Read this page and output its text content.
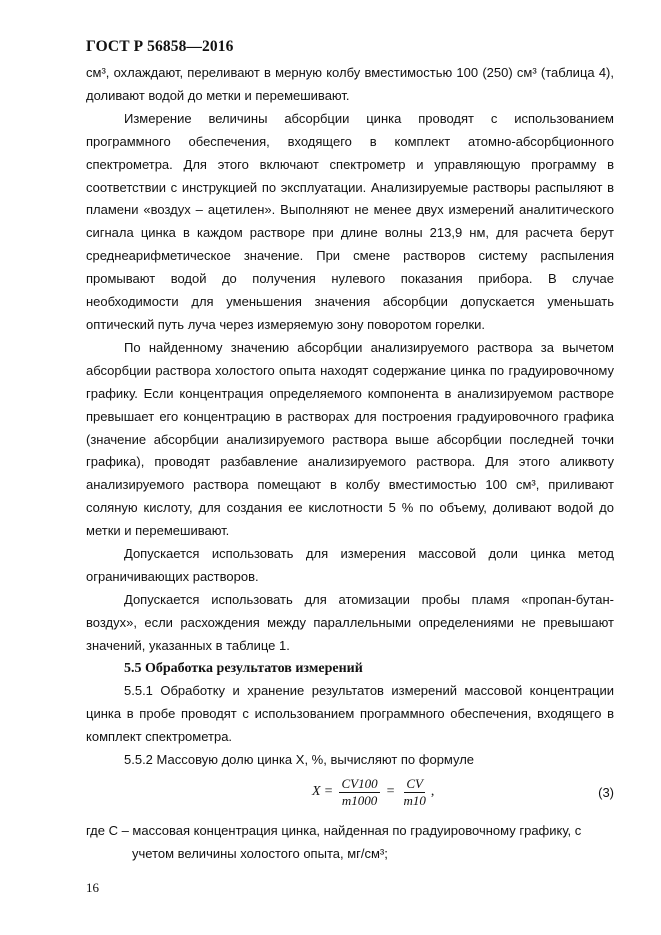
ГОСТ Р 56858—2016

см³, охлаждают, переливают в мерную колбу вместимостью 100 (250) см³ (таблица 4), доливают водой до метки и перемешивают.

Измерение величины абсорбции цинка проводят с использованием программного обеспечения, входящего в комплект атомно-абсорбционного спектрометра. Для этого включают спектрометр и управляющую программу в соответствии с инструкцией по эксплуатации. Анализируемые растворы распыляют в пламени «воздух – ацетилен». Выполняют не менее двух измерений аналитического сигнала цинка в каждом растворе при длине волны 213,9 нм, для расчета берут среднеарифметическое значение. При смене растворов систему распыления промывают водой до получения нулевого показания прибора. В случае необходимости для уменьшения значения абсорбции допускается уменьшать оптический путь луча через измеряемую зону поворотом горелки.

По найденному значению абсорбции анализируемого раствора за вычетом абсорбции раствора холостого опыта находят содержание цинка по градуировочному графику. Если концентрация определяемого компонента в анализируемом растворе превышает его концентрацию в растворах для построения градуировочного графика (значение абсорбции анализируемого раствора выше абсорбции последней точки графика), проводят разбавление анализируемого раствора. Для этого аликвоту анализируемого раствора помещают в колбу вместимостью 100 см³, приливают соляную кислоту, для создания ее кислотности 5 % по объему, доливают водой до метки и перемешивают.

Допускается использовать для измерения массовой доли цинка метод ограничивающих растворов.

Допускается использовать для атомизации пробы пламя «пропан-бутан-воздух», если расхождения между параллельными определениями не превышают значений, указанных в таблице 1.

5.5 Обработка результатов измерений

5.5.1 Обработку и хранение результатов измерений массовой концентрации цинка в пробе проводят с использованием программного обеспечения, входящего в комплект спектрометра.

5.5.2 Массовую долю цинка X, %, вычисляют по формуле

$X = \frac{CV100}{m1000} = \frac{CV}{m10}$ ,	(3)
где C – массовая концентрация цинка, найденная по градуировочному графику, с
учетом величины холостого опыта, мг/см³;
16
